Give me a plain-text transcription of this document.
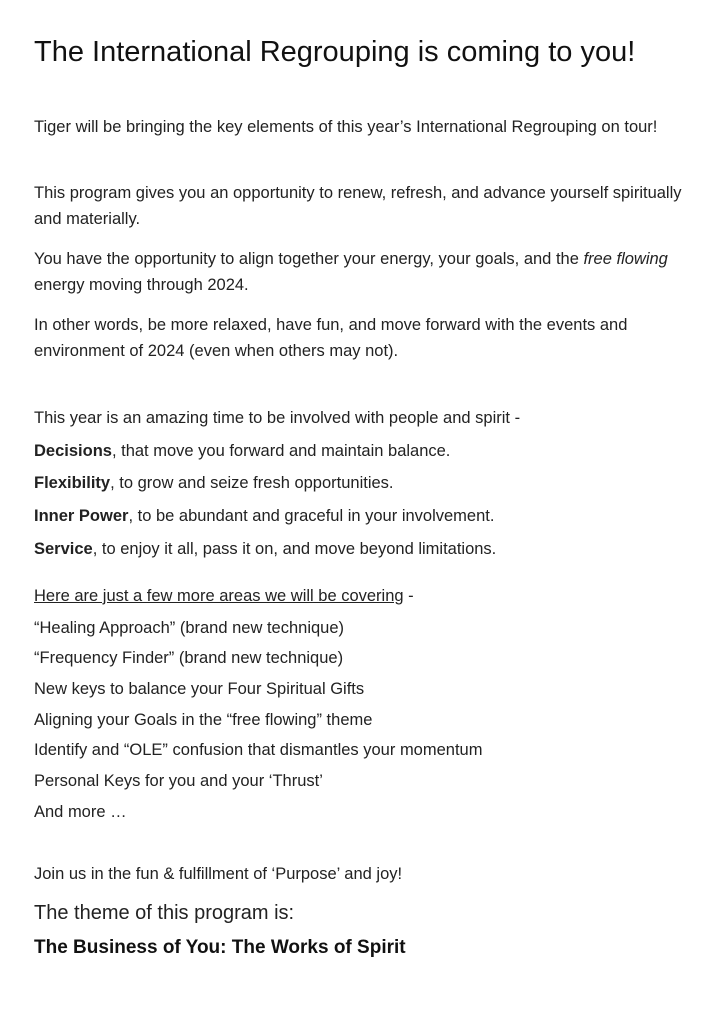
The International Regrouping is coming to you!

Tiger will be bringing the key elements of this year’s International Regrouping on tour!

This program gives you an opportunity to renew, refresh, and advance yourself spiritually and materially.

You have the opportunity to align together your energy, your goals, and the free flowing energy moving through 2024.

In other words, be more relaxed, have fun, and move forward with the events and environment of 2024 (even when others may not).

This year is an amazing time to be involved with people and spirit -

Decisions, that move you forward and maintain balance.

Flexibility, to grow and seize fresh opportunities.

Inner Power, to be abundant and graceful in your involvement.

Service, to enjoy it all, pass it on, and move beyond limitations.

Here are just a few more areas we will be covering -

“Healing Approach” (brand new technique)

“Frequency Finder” (brand new technique)

New keys to balance your Four Spiritual Gifts

Aligning your Goals in the “free flowing” theme

Identify and “OLE” confusion that dismantles your momentum

Personal Keys for you and your ‘Thrust’

And more …

Join us in the fun & fulfillment of ‘Purpose’ and joy!

The theme of this program is:

The Business of You: The Works of Spirit
